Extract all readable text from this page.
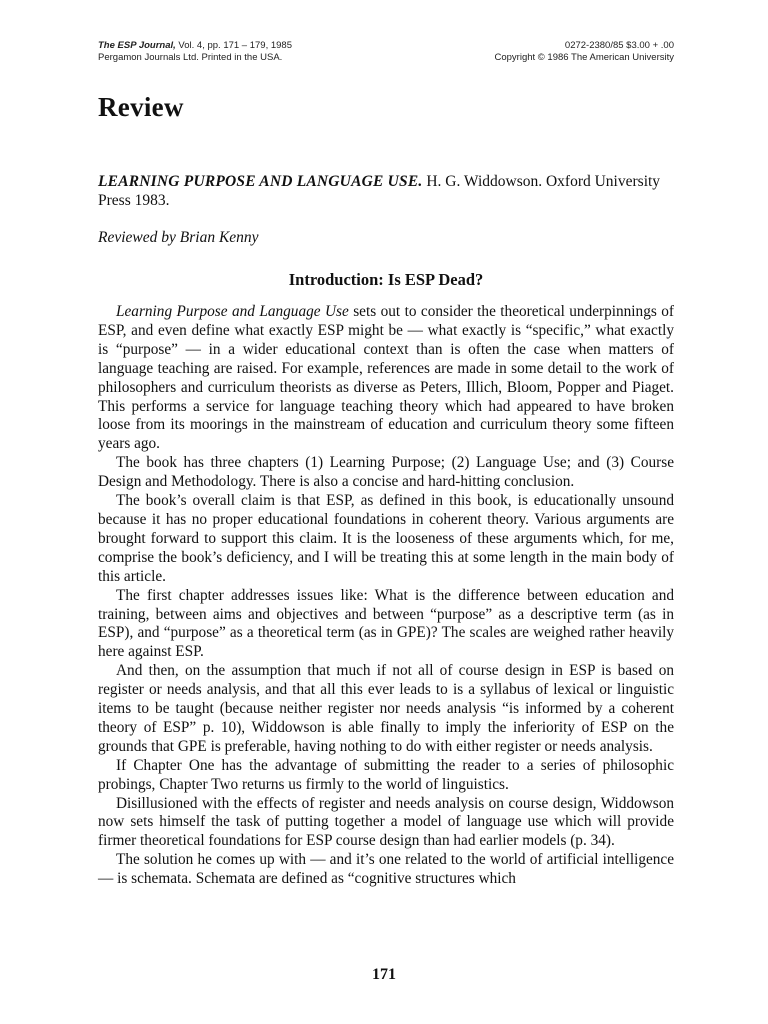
The ESP Journal, Vol. 4, pp. 171 – 179, 1985
Pergamon Journals Ltd. Printed in the USA.
0272-2380/85 $3.00 + .00
Copyright © 1986 The American University
Review
LEARNING PURPOSE AND LANGUAGE USE. H. G. Widdowson. Oxford University Press 1983.
Reviewed by Brian Kenny
Introduction: Is ESP Dead?

Learning Purpose and Language Use sets out to consider the theoretical underpinnings of ESP, and even define what exactly ESP might be — what exactly is “specific,” what exactly is “purpose” — in a wider educational context than is often the case when matters of language teaching are raised. For example, references are made in some detail to the work of philosophers and curriculum theorists as diverse as Peters, Illich, Bloom, Popper and Piaget. This performs a service for language teaching theory which had appeared to have broken loose from its moorings in the mainstream of education and curriculum theory some fifteen years ago.

The book has three chapters (1) Learning Purpose; (2) Language Use; and (3) Course Design and Methodology. There is also a concise and hard-hitting conclusion.

The book’s overall claim is that ESP, as defined in this book, is educationally unsound because it has no proper educational foundations in coherent theory. Various arguments are brought forward to support this claim. It is the looseness of these arguments which, for me, comprise the book’s deficiency, and I will be treating this at some length in the main body of this article.

The first chapter addresses issues like: What is the difference between education and training, between aims and objectives and between “purpose” as a descriptive term (as in ESP), and “purpose” as a theoretical term (as in GPE)? The scales are weighed rather heavily here against ESP.

And then, on the assumption that much if not all of course design in ESP is based on register or needs analysis, and that all this ever leads to is a syllabus of lexical or linguistic items to be taught (because neither register nor needs analysis “is informed by a coherent theory of ESP” p. 10), Widdowson is able finally to imply the inferiority of ESP on the grounds that GPE is preferable, having nothing to do with either register or needs analysis.

If Chapter One has the advantage of submitting the reader to a series of philosophic probings, Chapter Two returns us firmly to the world of linguistics.

Disillusioned with the effects of register and needs analysis on course design, Widdowson now sets himself the task of putting together a model of language use which will provide firmer theoretical foundations for ESP course design than had earlier models (p. 34).

The solution he comes up with — and it’s one related to the world of artificial intelligence — is schemata. Schemata are defined as “cognitive structures which

171
